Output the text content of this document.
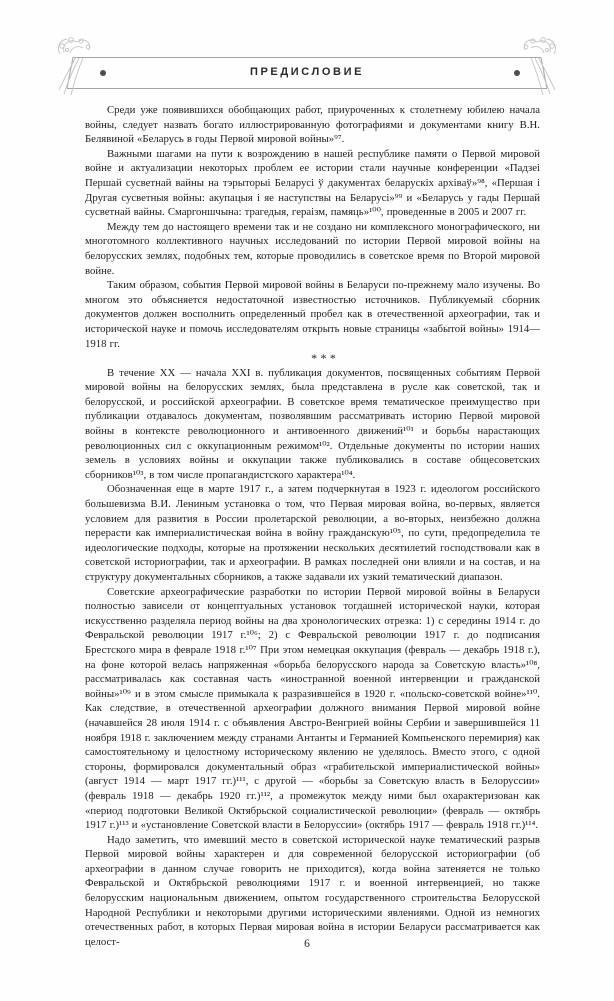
ПРЕДИСЛОВИЕ

Среди уже появившихся обобщающих работ, приуроченных к столетнему юбилею начала войны, следует назвать богато иллюстрированную фотографиями и документами книгу В.Н. Белявиной «Беларусь в годы Первой мировой войны»⁹⁷.

Важными шагами на пути к возрождению в нашей республике памяти о Первой мировой войне и актуализации некоторых проблем ее истории стали научные конференции «Падзеі Першай сусветнай вайны на тэрыторыі Беларусі ў дакументах беларускіх архіваў»⁹⁸, «Першая і Другая сусветныя войны: акупацыя і яе наступствы на Беларусі»⁹⁹ и «Беларусь у гады Першай сусветнай вайны. Смаргоншчына: трагедыя, гераізм, памяць»¹⁰⁰, проведенные в 2005 и 2007 гг.

Между тем до настоящего времени так и не создано ни комплексного монографического, ни многотомного коллективного научных исследований по истории Первой мировой войны на белорусских землях, подобных тем, которые проводились в советское время по Второй мировой войне.

Таким образом, события Первой мировой войны в Беларуси по-прежнему мало изучены. Во многом это объясняется недостаточной известностью источников. Публикуемый сборник документов должен восполнить определенный пробел как в отечественной археографии, так и исторической науке и помочь исследователям открыть новые страницы «забытой войны» 1914—1918 гг.

* * *

В течение XX — начала XXI в. публикация документов, посвященных событиям Первой мировой войны на белорусских землях, была представлена в русле как советской, так и белорусской, и российской археографии. В советское время тематическое преимущество при публикации отдавалось документам, позволявшим рассматривать историю Первой мировой войны в контексте революционного и антивоенного движений¹⁰¹ и борьбы нарастающих революционных сил с оккупационным режимом¹⁰². Отдельные документы по истории наших земель в условиях войны и оккупации также публиковались в составе общесоветских сборников¹⁰³, в том числе пропагандистского характера¹⁰⁴.

Обозначенная еще в марте 1917 г., а затем подчеркнутая в 1923 г. идеологом российского большевизма В.И. Лениным установка о том, что Первая мировая война, во-первых, является условием для развития в России пролетарской революции, а во-вторых, неизбежно должна перерасти как империалистическая война в войну гражданскую¹⁰⁵, по сути, предопределила те идеологические подходы, которые на протяжении нескольких десятилетий господствовали как в советской историографии, так и археографии. В рамках последней они влияли и на состав, и на структуру документальных сборников, а также задавали их узкий тематический диапазон.

Советские археографические разработки по истории Первой мировой войны в Беларуси полностью зависели от концептуальных установок тогдашней исторической науки, которая искусственно разделяла период войны на два хронологических отрезка: 1) с середины 1914 г. до Февральской революции 1917 г.¹⁰⁶; 2) с Февральской революции 1917 г. до подписания Брестского мира в феврале 1918 г.¹⁰⁷ При этом немецкая оккупация (февраль — декабрь 1918 г.), на фоне которой велась напряженная «борьба белорусского народа за Советскую власть»¹⁰⁸, рассматривалась как составная часть «иностранной военной интервенции и гражданской войны»¹⁰⁹ и в этом смысле примыкала к разразившейся в 1920 г. «польско-советской войне»¹¹⁰. Как следствие, в отечественной археографии должного внимания Первой мировой войне (начавшейся 28 июля 1914 г. с объявления Австро-Венгрией войны Сербии и завершившейся 11 ноября 1918 г. заключением между странами Антанты и Германией Компьенского перемирия) как самостоятельному и целостному историческому явлению не уделялось. Вместо этого, с одной стороны, формировался документальный образ «грабительской империалистической войны» (август 1914 — март 1917 гг.)¹¹¹, с другой — «борьбы за Советскую власть в Белоруссии» (февраль 1918 — декабрь 1920 гг.)¹¹², а промежуток между ними был охарактеризован как «период подготовки Великой Октябрьской социалистической революции» (февраль — октябрь 1917 г.)¹¹³ и «установление Советской власти в Белоруссии» (октябрь 1917 — февраль 1918 гг.)¹¹⁴.

Надо заметить, что имевший место в советской исторической науке тематический разрыв Первой мировой войны характерен и для современной белорусской историографии (об археографии в данном случае говорить не приходится), когда война затеняется не только Февральской и Октябрьской революциями 1917 г. и военной интервенцией, но также белорусским национальным движением, опытом государственного строительства Белорусской Народной Республики и некоторыми другими историческими явлениями. Одной из немногих отечественных работ, в которых Первая мировая война в истории Беларуси рассматривается как целост-	6
